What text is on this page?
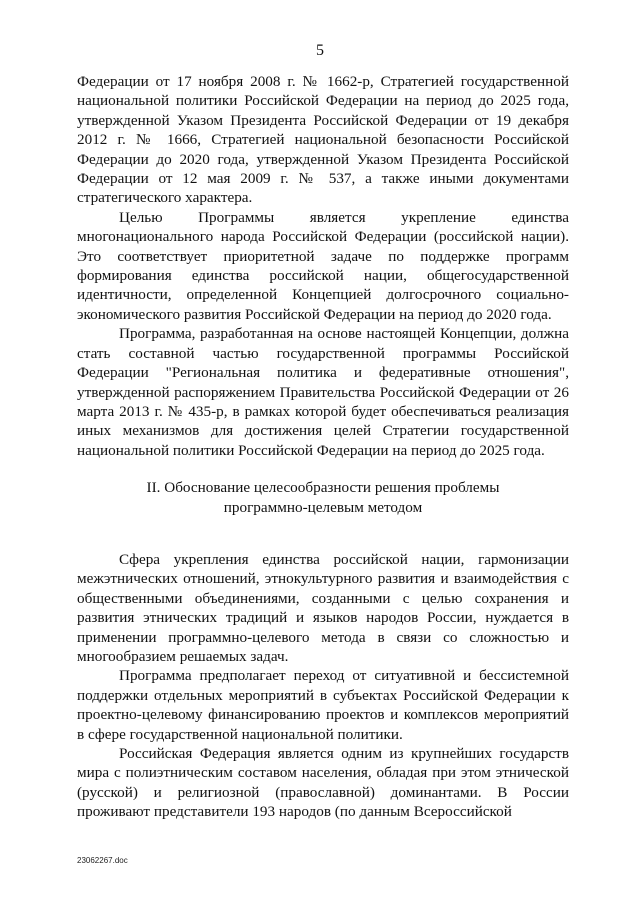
5

Федерации от 17 ноября 2008 г. № 1662-р, Стратегией государственной национальной политики Российской Федерации на период до 2025 года, утвержденной Указом Президента Российской Федерации от 19 декабря 2012 г. № 1666, Стратегией национальной безопасности Российской Федерации до 2020 года, утвержденной Указом Президента Российской Федерации от 12 мая 2009 г. № 537, а также иными документами стратегического характера.

Целью Программы является укрепление единства многонационального народа Российской Федерации (российской нации). Это соответствует приоритетной задаче по поддержке программ формирования единства российской нации, общегосударственной идентичности, определенной Концепцией долгосрочного социально-экономического развития Российской Федерации на период до 2020 года.

Программа, разработанная на основе настоящей Концепции, должна стать составной частью государственной программы Российской Федерации "Региональная политика и федеративные отношения", утвержденной распоряжением Правительства Российской Федерации от 26 марта 2013 г. № 435-р, в рамках которой будет обеспечиваться реализация иных механизмов для достижения целей Стратегии государственной национальной политики Российской Федерации на период до 2025 года.

II. Обоснование целесообразности решения проблемы
программно-целевым методом

Сфера укрепления единства российской нации, гармонизации межэтнических отношений, этнокультурного развития и взаимодействия с общественными объединениями, созданными с целью сохранения и развития этнических традиций и языков народов России, нуждается в применении программно-целевого метода в связи со сложностью и многообразием решаемых задач.

Программа предполагает переход от ситуативной и бессистемной поддержки отдельных мероприятий в субъектах Российской Федерации к проектно-целевому финансированию проектов и комплексов мероприятий в сфере государственной национальной политики.

Российская Федерация является одним из крупнейших государств мира с полиэтническим составом населения, обладая при этом этнической (русской) и религиозной (православной) доминантами. В России проживают представители 193 народов (по данным Всероссийской

23062267.doc
